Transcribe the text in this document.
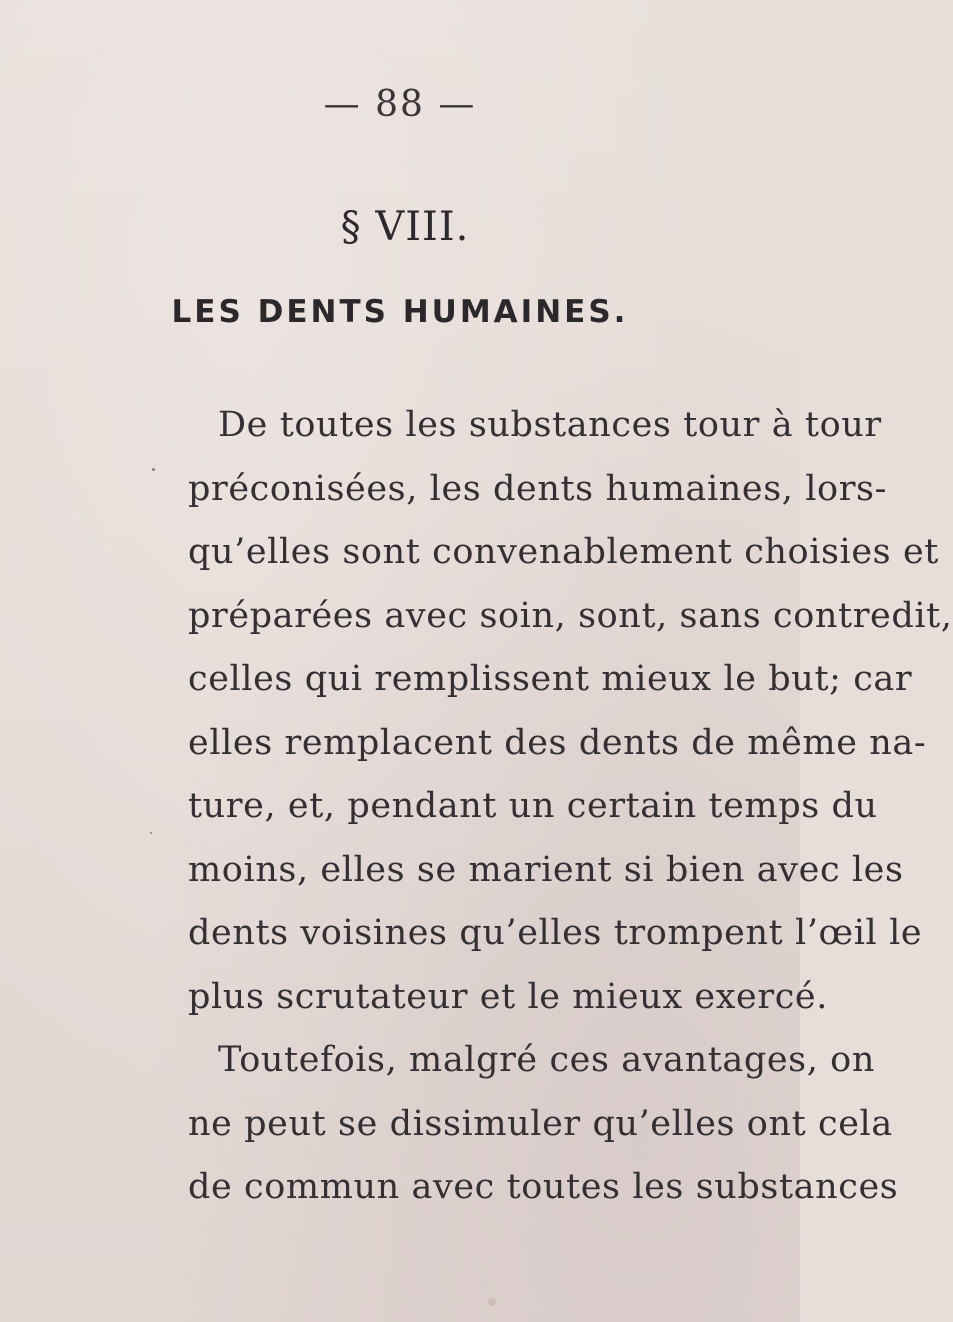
— 88 —
§ VIII.
LES DENTS HUMAINES.
De toutes les substances tour à tour
préconisées, les dents humaines, lors-
qu’elles sont convenablement choisies et
préparées avec soin, sont, sans contredit,
celles qui remplissent mieux le but; car
elles remplacent des dents de même na-
ture, et, pendant un certain temps du
moins, elles se marient si bien avec les
dents voisines qu’elles trompent l’œil le
plus scrutateur et le mieux exercé.
Toutefois, malgré ces avantages, on
ne peut se dissimuler qu’elles ont cela
de commun avec toutes les substances
